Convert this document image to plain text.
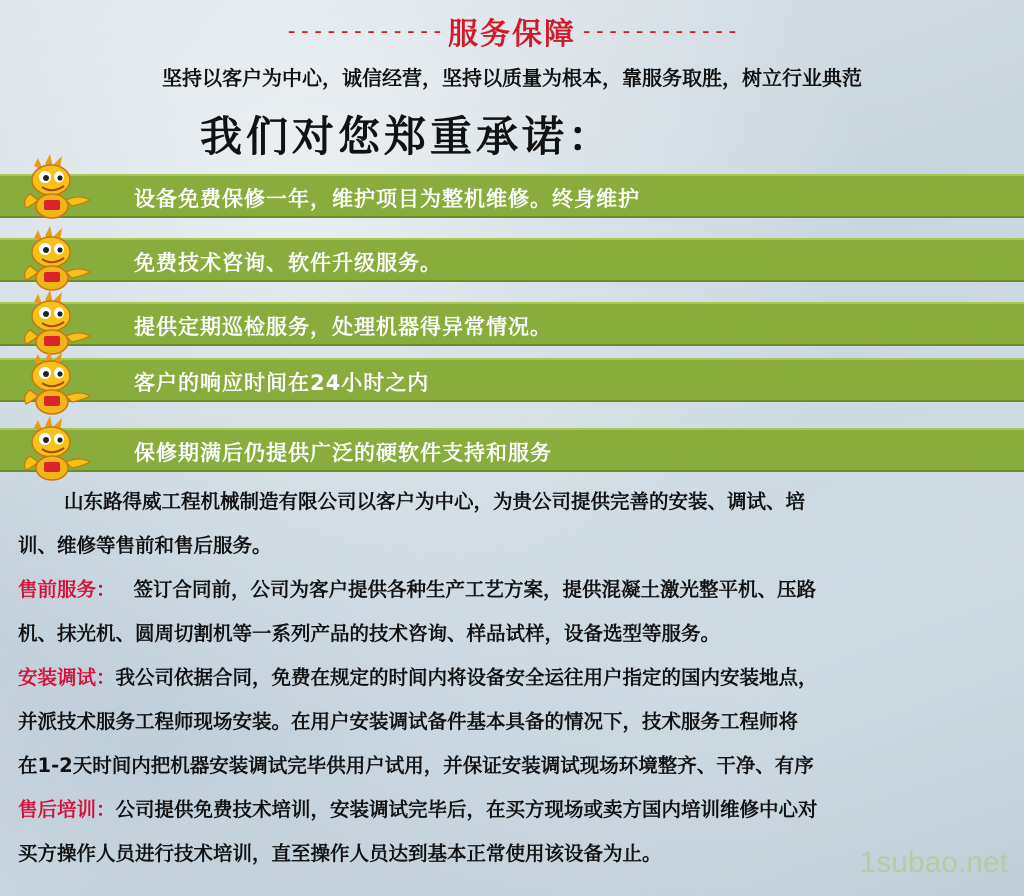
------------ 服务保障 ------------
坚持以客户为中心，诚信经营，坚持以质量为根本，靠服务取胜，树立行业典范
我们对您郑重承诺：
设备免费保修一年，维护项目为整机维修。终身维护
免费技术咨询、软件升级服务。
提供定期巡检服务，处理机器得异常情况。
客户的响应时间在24小时之内
保修期满后仍提供广泛的硬软件支持和服务
山东路得威工程机械制造有限公司以客户为中心，为贵公司提供完善的安装、调试、培
训、维修等售前和售后服务。
售前服务： 签订合同前，公司为客户提供各种生产工艺方案，提供混凝土激光整平机、压路
机、抹光机、圆周切割机等一系列产品的技术咨询、样品试样，设备选型等服务。
安装调试：我公司依据合同，免费在规定的时间内将设备安全运往用户指定的国内安装地点，
并派技术服务工程师现场安装。在用户安装调试备件基本具备的情况下，技术服务工程师将
在1-2天时间内把机器安装调试完毕供用户试用，并保证安装调试现场环境整齐、干净、有序
售后培训：公司提供免费技术培训，安装调试完毕后，在买方现场或卖方国内培训维修中心对
买方操作人员进行技术培训，直至操作人员达到基本正常使用该设备为止。	1subao.net
